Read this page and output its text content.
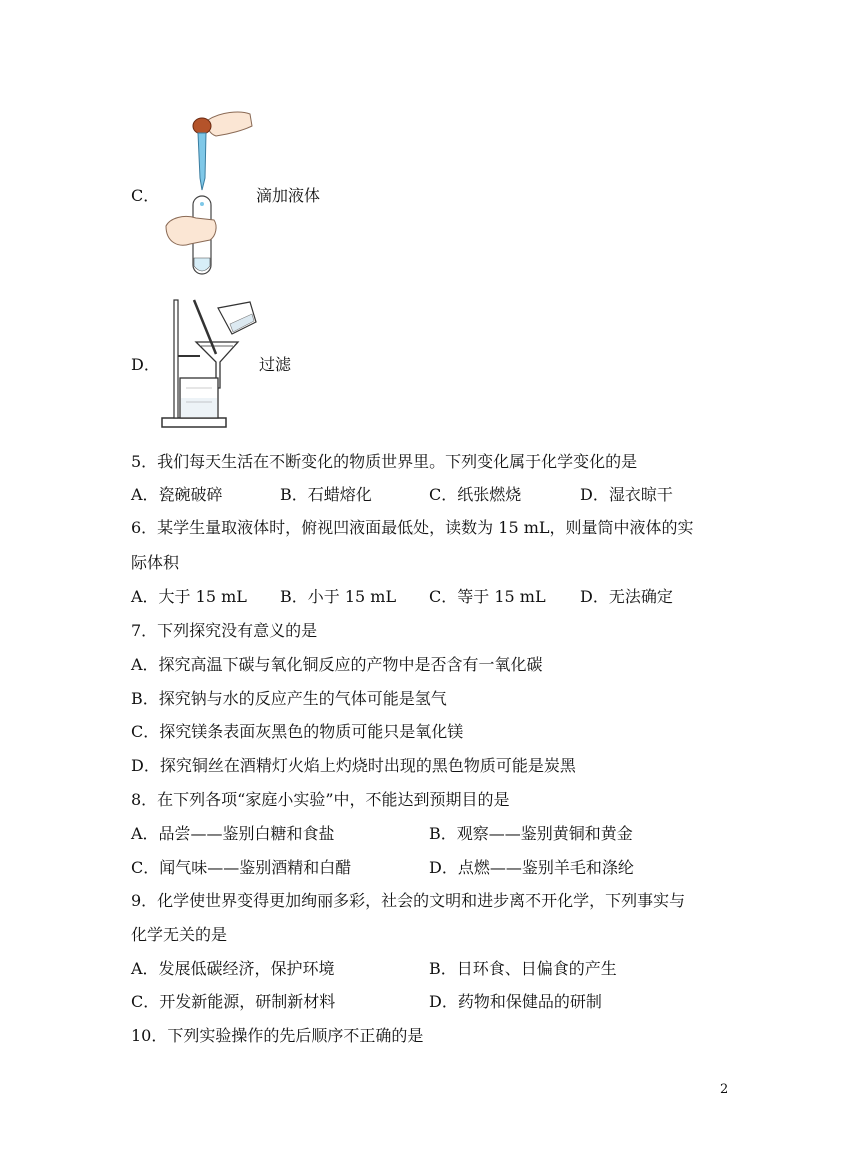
C．	滴加液体
D．	过滤
5．我们每天生活在不断变化的物质世界里。下列变化属于化学变化的是
A．瓷碗破碎	B．石蜡熔化	C．纸张燃烧	D．湿衣晾干
6．某学生量取液体时，俯视凹液面最低处，读数为 15 mL，则量筒中液体的实
际体积
A．大于 15 mL B．小于 15 mL C．等于 15 mL D．无法确定
7．下列探究没有意义的是
A．探究高温下碳与氧化铜反应的产物中是否含有一氧化碳
B．探究钠与水的反应产生的气体可能是氢气
C．探究镁条表面灰黑色的物质可能只是氧化镁
D．探究铜丝在酒精灯火焰上灼烧时出现的黑色物质可能是炭黑
8．在下列各项“家庭小实验”中，不能达到预期目的是
A．品尝——鉴别白糖和食盐	B．观察——鉴别黄铜和黄金
C．闻气味——鉴别酒精和白醋	D．点燃——鉴别羊毛和涤纶
9．化学使世界变得更加绚丽多彩，社会的文明和进步离不开化学，下列事实与
化学无关的是
A．发展低碳经济，保护环境	B．日环食、日偏食的产生
C．开发新能源，研制新材料	D．药物和保健品的研制
10．下列实验操作的先后顺序不正确的是
2
